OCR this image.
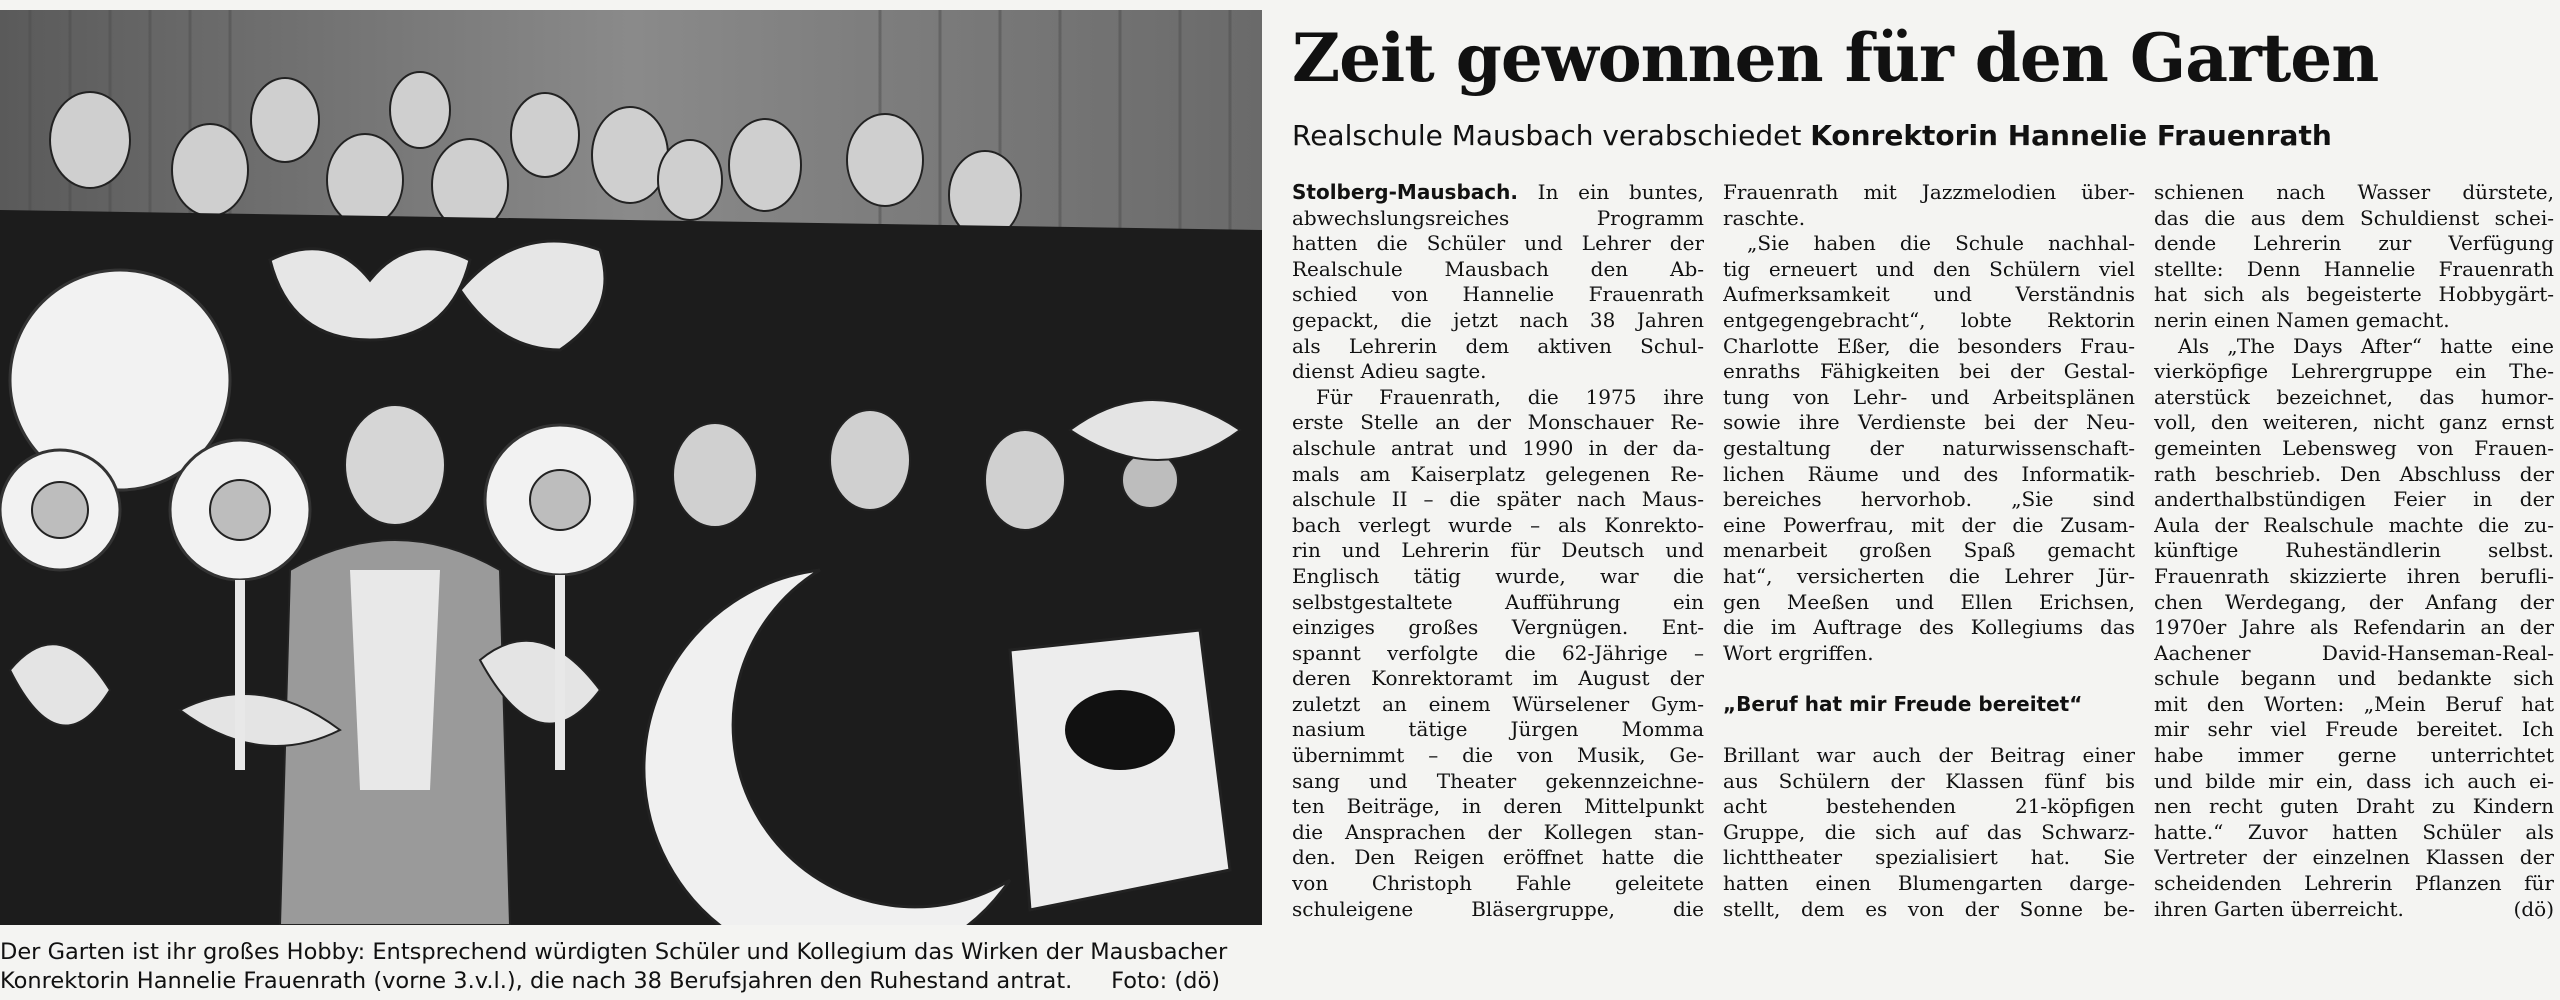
Der Garten ist ihr großes Hobby: Entsprechend würdigten Schüler und Kollegium das Wirken der Mausbacher
Konrektorin Hannelie Frauenrath (vorne 3.v.l.), die nach 38 Berufsjahren den Ruhestand antrat. Foto: (dö)
Zeit gewonnen für den Garten
Realschule Mausbach verabschiedet Konrektorin Hannelie Frauenrath
Stolberg-Mausbach. In ein buntes,
abwechslungsreiches Programm
hatten die Schüler und Lehrer der
Realschule Mausbach den Ab-
schied von Hannelie Frauenrath
gepackt, die jetzt nach 38 Jahren
als Lehrerin dem aktiven Schul-
dienst Adieu sagte.
Für Frauenrath, die 1975 ihre
erste Stelle an der Monschauer Re-
alschule antrat und 1990 in der da-
mals am Kaiserplatz gelegenen Re-
alschule II – die später nach Maus-
bach verlegt wurde – als Konrekto-
rin und Lehrerin für Deutsch und
Englisch tätig wurde, war die
selbstgestaltete Aufführung ein
einziges großes Vergnügen. Ent-
spannt verfolgte die 62-Jährige –
deren Konrektoramt im August der
zuletzt an einem Würselener Gym-
nasium tätige Jürgen Momma
übernimmt – die von Musik, Ge-
sang und Theater gekennzeichne-
ten Beiträge, in deren Mittelpunkt
die Ansprachen der Kollegen stan-
den. Den Reigen eröffnet hatte die
von Christoph Fahle geleitete
schuleigene Bläsergruppe, die
Frauenrath mit Jazzmelodien über-
raschte.
„Sie haben die Schule nachhal-
tig erneuert und den Schülern viel
Aufmerksamkeit und Verständnis
entgegengebracht“, lobte Rektorin
Charlotte Eßer, die besonders Frau-
enraths Fähigkeiten bei der Gestal-
tung von Lehr- und Arbeitsplänen
sowie ihre Verdienste bei der Neu-
gestaltung der naturwissenschaft-
lichen Räume und des Informatik-
bereiches hervorhob. „Sie sind
eine Powerfrau, mit der die Zusam-
menarbeit großen Spaß gemacht
hat“, versicherten die Lehrer Jür-
gen Meeßen und Ellen Erichsen,
die im Auftrage des Kollegiums das
Wort ergriffen.
„Beruf hat mir Freude bereitet“
Brillant war auch der Beitrag einer
aus Schülern der Klassen fünf bis
acht bestehenden 21-köpfigen
Gruppe, die sich auf das Schwarz-
lichttheater spezialisiert hat. Sie
hatten einen Blumengarten darge-
stellt, dem es von der Sonne be-
schienen nach Wasser dürstete,
das die aus dem Schuldienst schei-
dende Lehrerin zur Verfügung
stellte: Denn Hannelie Frauenrath
hat sich als begeisterte Hobbygärt-
nerin einen Namen gemacht.
Als „The Days After“ hatte eine
vierköpfige Lehrergruppe ein The-
aterstück bezeichnet, das humor-
voll, den weiteren, nicht ganz ernst
gemeinten Lebensweg von Frauen-
rath beschrieb. Den Abschluss der
anderthalbstündigen Feier in der
Aula der Realschule machte die zu-
künftige Ruheständlerin selbst.
Frauenrath skizzierte ihren berufli-
chen Werdegang, der Anfang der
1970er Jahre als Refendarin an der
Aachener David-Hanseman-Real-
schule begann und bedankte sich
mit den Worten: „Mein Beruf hat
mir sehr viel Freude bereitet. Ich
habe immer gerne unterrichtet
und bilde mir ein, dass ich auch ei-
nen recht guten Draht zu Kindern
hatte.“ Zuvor hatten Schüler als
Vertreter der einzelnen Klassen der
scheidenden Lehrerin Pflanzen für
ihren Garten überreicht.	(dö)
